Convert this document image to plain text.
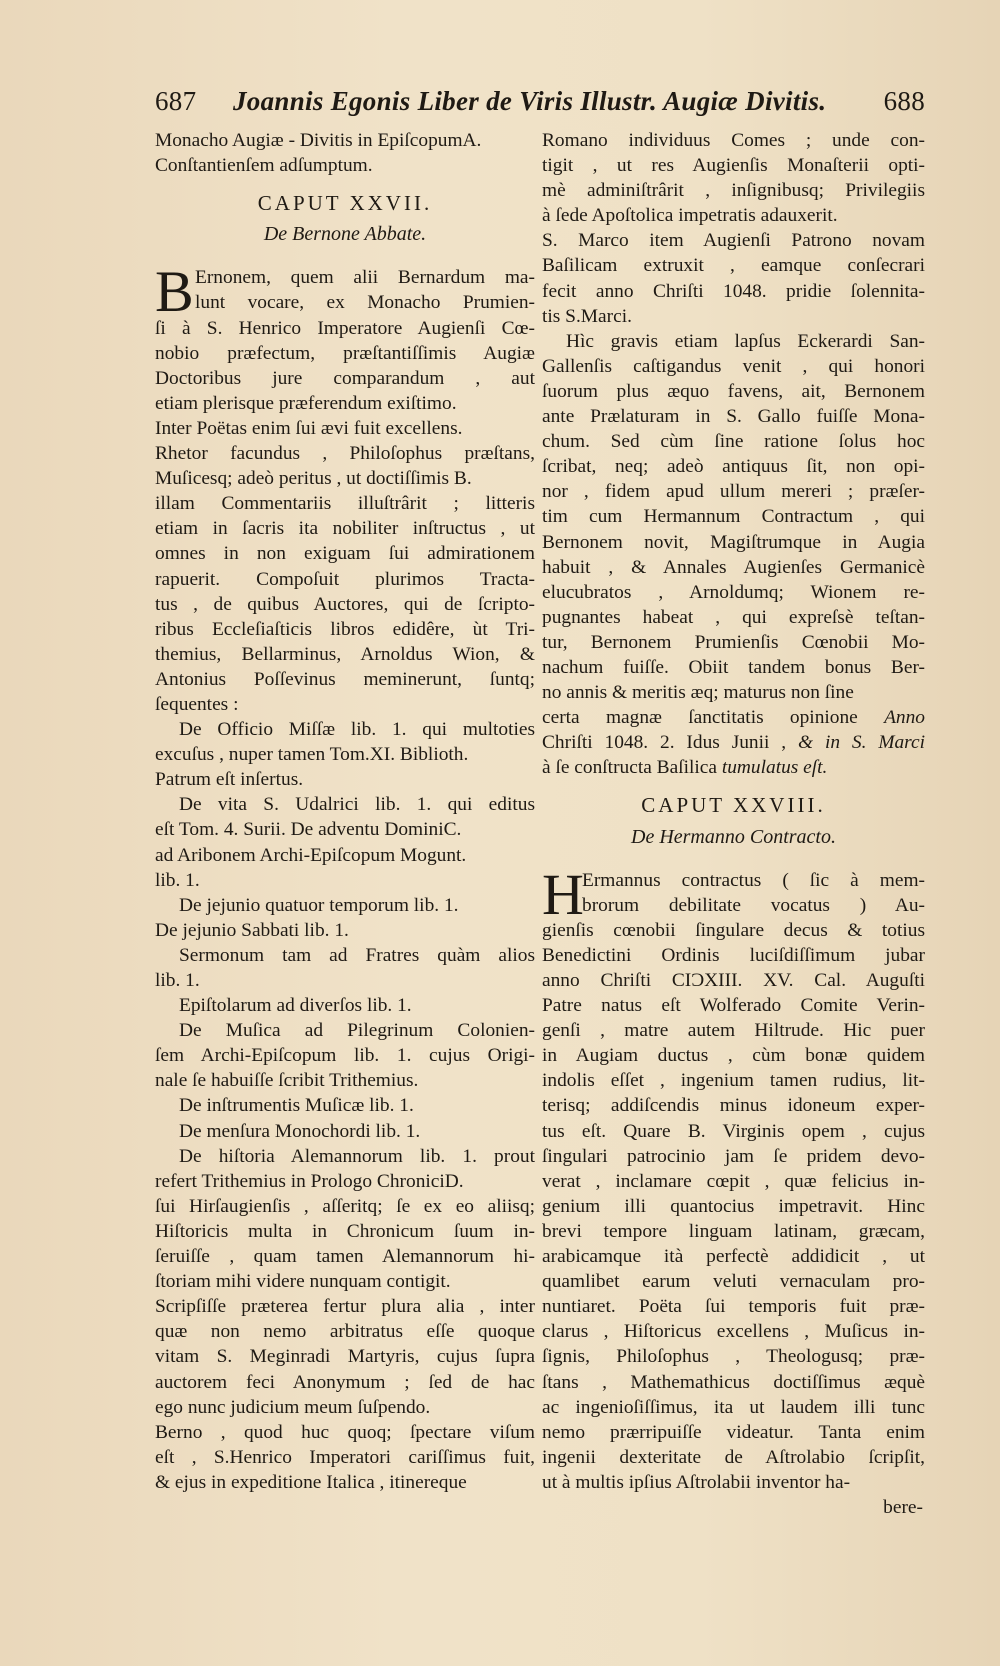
687 Joannis Egonis Liber de Viris Illustr. Augiæ Divitis. 688
Monacho Augiæ - Divitis in EpiſcopumA.
Conſtantienſem adſumptum.
CAPUT XXVII.
De Bernone Abbate.
B Ernonem, quem alii Bernardum ma-
lunt vocare, ex Monacho Prumien-
ſi à S. Henrico Imperatore Augienſi Cœ-
nobio præfectum, præſtantiſſimis Augiæ
Doctoribus jure comparandum , aut
etiam plerisque præferendum exiſtimo.
Inter Poëtas enim ſui ævi fuit excellens.
Rhetor facundus , Philoſophus præſtans,
Muſicesq; adeò peritus , ut doctiſſimis B.
illam Commentariis illuſtrârit ; litteris
etiam in ſacris ita nobiliter inſtructus , ut
omnes in non exiguam ſui admirationem
rapuerit. Compoſuit plurimos Tracta-
tus , de quibus Auctores, qui de ſcripto-
ribus Eccleſiaſticis libros edidêre, ùt Tri-
themius, Bellarminus, Arnoldus Wion, &
Antonius Poſſevinus meminerunt, ſuntq;
ſequentes :
De Officio Miſſæ lib. 1. qui multoties
excuſus , nuper tamen Tom.XI. Biblioth.
Patrum eſt inſertus.
De vita S. Udalrici lib. 1. qui editus
eſt Tom. 4. Surii. De adventu DominiC.
ad Aribonem Archi-Epiſcopum Mogunt.
lib. 1.
De jejunio quatuor temporum lib. 1.
De jejunio Sabbati lib. 1.
Sermonum tam ad Fratres quàm alios
lib. 1.
Epiſtolarum ad diverſos lib. 1.
De Muſica ad Pilegrinum Colonien-
ſem Archi-Epiſcopum lib. 1. cujus Origi-
nale ſe habuiſſe ſcribit Trithemius.
De inſtrumentis Muſicæ lib. 1.
De menſura Monochordi lib. 1.
De hiſtoria Alemannorum lib. 1. prout
refert Trithemius in Prologo ChroniciD.
ſui Hirſaugienſis , aſſeritq; ſe ex eo aliisq;
Hiſtoricis multa in Chronicum ſuum in-
ſeruiſſe , quam tamen Alemannorum hi-
ſtoriam mihi videre nunquam contigit.
Scripſiſſe præterea fertur plura alia , inter
quæ non nemo arbitratus eſſe quoque
vitam S. Meginradi Martyris, cujus ſupra
auctorem feci Anonymum ; ſed de hac
ego nunc judicium meum ſuſpendo.
Berno , quod huc quoq; ſpectare viſum
eſt , S.Henrico Imperatori cariſſimus fuit,
& ejus in expeditione Italica , itinereque
Romano individuus Comes ; unde con-
tigit , ut res Augienſis Monaſterii opti-
mè adminiſtrârit , inſignibusq; Privilegiis
à ſede Apoſtolica impetratis adauxerit.
S. Marco item Augienſi Patrono novam
Baſilicam extruxit , eamque conſecrari
fecit anno Chriſti 1048. pridie ſolennita-
tis S.Marci.
Hìc gravis etiam lapſus Eckerardi San-
Gallenſis caſtigandus venit , qui honori
ſuorum plus æquo favens, ait, Bernonem
ante Prælaturam in S. Gallo fuiſſe Mona-
chum. Sed cùm ſine ratione ſolus hoc
ſcribat, neq; adeò antiquus ſit, non opi-
nor , fidem apud ullum mereri ; præſer-
tim cum Hermannum Contractum , qui
Bernonem novit, Magiſtrumque in Augia
habuit , & Annales Augienſes Germanicè
elucubratos , Arnoldumq; Wionem re-
pugnantes habeat , qui expreſsè teſtan-
tur, Bernonem Prumienſis Cœnobii Mo-
nachum fuiſſe. Obiit tandem bonus Ber-
no annis & meritis æq; maturus non ſine
certa magnæ ſanctitatis opinione Anno
Chriſti 1048. 2. Idus Junii , & in S. Marci
à ſe conſtructa Baſilica tumulatus eſt.
CAPUT XXVIII.
De Hermanno Contracto.
H
Ermannus contractus ( ſic à mem-
brorum debilitate vocatus ) Au-
gienſis cœnobii ſingulare decus & totius
Benedictini Ordinis luciſdiſſimum jubar
anno Chriſti CIƆXIII. XV. Cal. Auguſti
Patre natus eſt Wolferado Comite Verin-
genſi , matre autem Hiltrude. Hic puer
in Augiam ductus , cùm bonæ quidem
indolis eſſet , ingenium tamen rudius, lit-
terisq; addiſcendis minus idoneum exper-
tus eſt. Quare B. Virginis opem , cujus
ſingulari patrocinio jam ſe pridem devo-
verat , inclamare cœpit , quæ felicius in-
genium illi quantocius impetravit. Hinc
brevi tempore linguam latinam, græcam,
arabicamque ità perfectè addidicit , ut
quamlibet earum veluti vernaculam pro-
nuntiaret. Poëta ſui temporis fuit præ-
clarus , Hiſtoricus excellens , Muſicus in-
ſignis, Philoſophus , Theologusq; præ-
ſtans , Mathemathicus doctiſſimus æquè
ac ingenioſiſſimus, ita ut laudem illi tunc
nemo prærripuiſſe videatur. Tanta enim
ingenii dexteritate de Aſtrolabio ſcripſit,
ut à multis ipſius Aſtrolabii inventor ha-
bere-
